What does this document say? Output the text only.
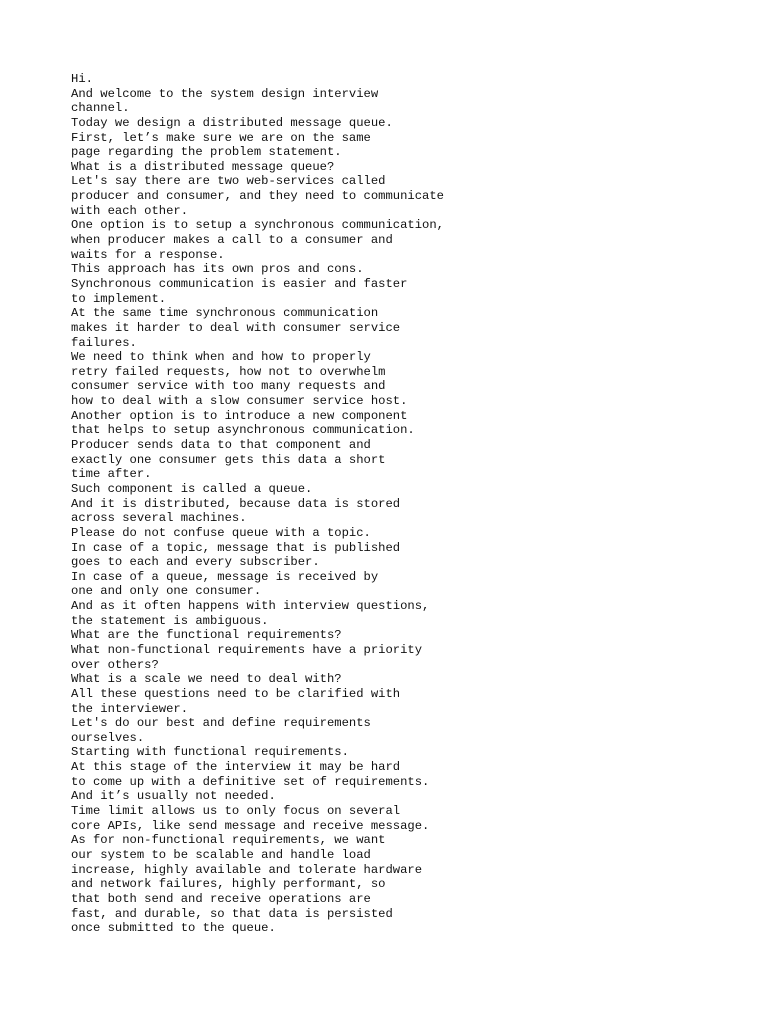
Hi.
And welcome to the system design interview
channel.
Today we design a distributed message queue.
First, let’s make sure we are on the same
page regarding the problem statement.
What is a distributed message queue?
Let's say there are two web-services called
producer and consumer, and they need to communicate
with each other.
One option is to setup a synchronous communication,
when producer makes a call to a consumer and
waits for a response.
This approach has its own pros and cons.
Synchronous communication is easier and faster
to implement.
At the same time synchronous communication
makes it harder to deal with consumer service
failures.
We need to think when and how to properly
retry failed requests, how not to overwhelm
consumer service with too many requests and
how to deal with a slow consumer service host.
Another option is to introduce a new component
that helps to setup asynchronous communication.
Producer sends data to that component and
exactly one consumer gets this data a short
time after.
Such component is called a queue.
And it is distributed, because data is stored
across several machines.
Please do not confuse queue with a topic.
In case of a topic, message that is published
goes to each and every subscriber.
In case of a queue, message is received by
one and only one consumer.
And as it often happens with interview questions,
the statement is ambiguous.
What are the functional requirements?
What non-functional requirements have a priority
over others?
What is a scale we need to deal with?
All these questions need to be clarified with
the interviewer.
Let's do our best and define requirements
ourselves.
Starting with functional requirements.
At this stage of the interview it may be hard
to come up with a definitive set of requirements.
And it’s usually not needed.
Time limit allows us to only focus on several
core APIs, like send message and receive message.
As for non-functional requirements, we want
our system to be scalable and handle load
increase, highly available and tolerate hardware
and network failures, highly performant, so
that both send and receive operations are
fast, and durable, so that data is persisted
once submitted to the queue.
